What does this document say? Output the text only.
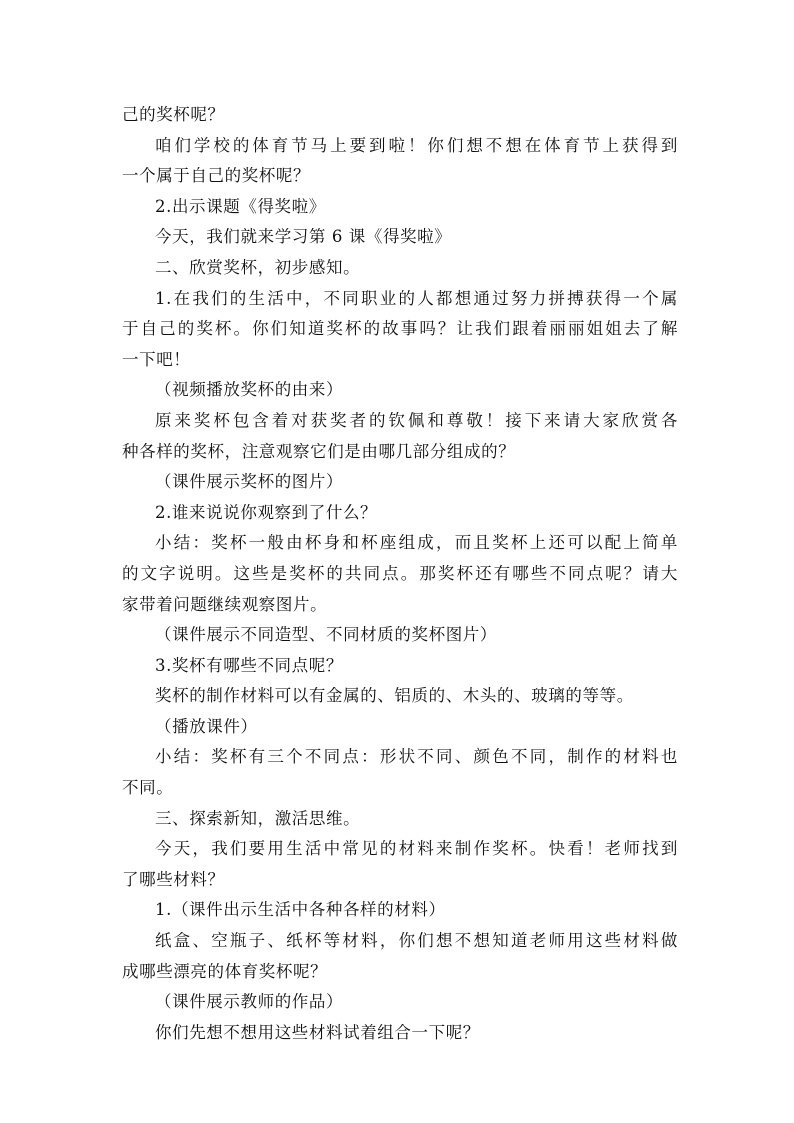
己的奖杯呢？
咱们学校的体育节马上要到啦！你们想不想在体育节上获得到
一个属于自己的奖杯呢？
2.出示课题《得奖啦》
今天，我们就来学习第 6 课《得奖啦》
二、欣赏奖杯，初步感知。
1.在我们的生活中，不同职业的人都想通过努力拼搏获得一个属
于自己的奖杯。你们知道奖杯的故事吗？让我们跟着丽丽姐姐去了解
一下吧！
（视频播放奖杯的由来）
原来奖杯包含着对获奖者的钦佩和尊敬！接下来请大家欣赏各
种各样的奖杯，注意观察它们是由哪几部分组成的？
（课件展示奖杯的图片）
2.谁来说说你观察到了什么？
小结：奖杯一般由杯身和杯座组成，而且奖杯上还可以配上简单
的文字说明。这些是奖杯的共同点。那奖杯还有哪些不同点呢？请大
家带着问题继续观察图片。
（课件展示不同造型、不同材质的奖杯图片）
3.奖杯有哪些不同点呢？
奖杯的制作材料可以有金属的、铝质的、木头的、玻璃的等等。
（播放课件）
小结：奖杯有三个不同点：形状不同、颜色不同，制作的材料也
不同。
三、探索新知，激活思维。
今天，我们要用生活中常见的材料来制作奖杯。快看！老师找到
了哪些材料？
1.（课件出示生活中各种各样的材料）
纸盒、空瓶子、纸杯等材料，你们想不想知道老师用这些材料做
成哪些漂亮的体育奖杯呢？
（课件展示教师的作品）
你们先想不想用这些材料试着组合一下呢？
